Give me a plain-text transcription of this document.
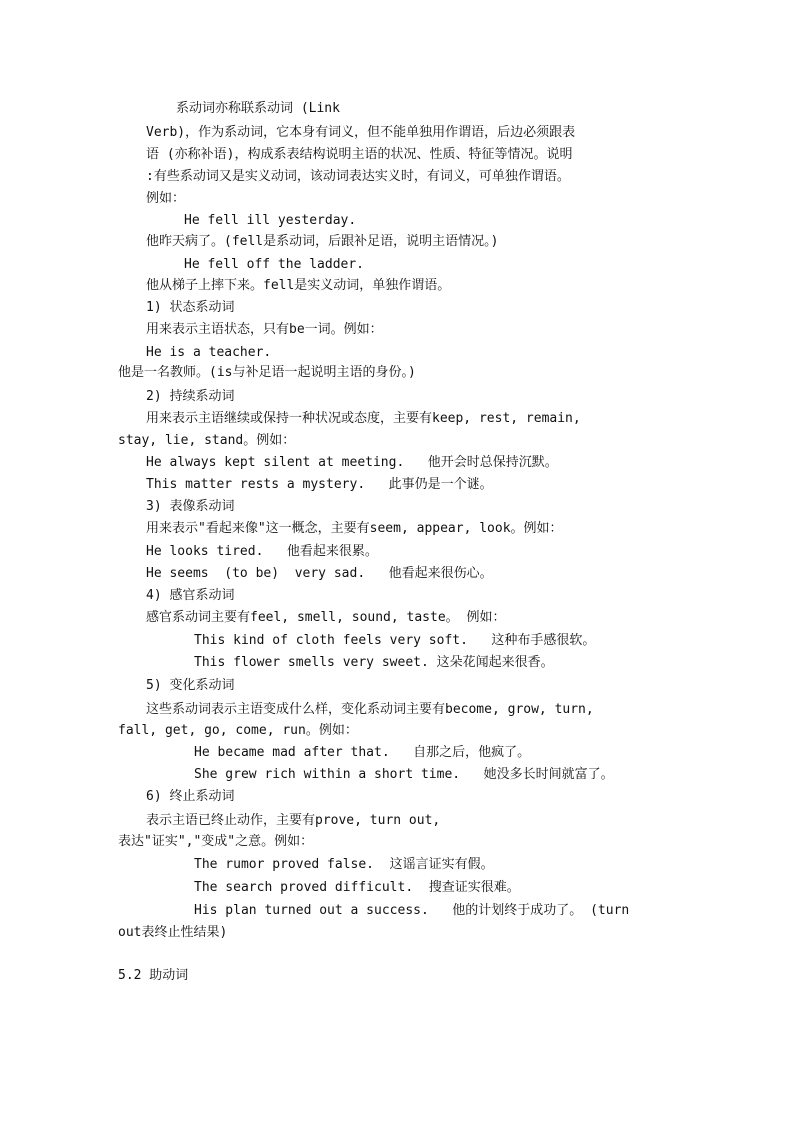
系动词亦称联系动词 (Link
Verb)，作为系动词，它本身有词义，但不能单独用作谓语，后边必须跟表
语 (亦称补语)，构成系表结构说明主语的状况、性质、特征等情况。说明
:有些系动词又是实义动词，该动词表达实义时，有词义，可单独作谓语。
例如：
He fell ill yesterday.
他昨天病了。(fell是系动词，后跟补足语，说明主语情况。)
He fell off the ladder.
他从梯子上摔下来。fell是实义动词，单独作谓语。
1) 状态系动词
用来表示主语状态，只有be一词。例如：
He is a teacher.
他是一名教师。(is与补足语一起说明主语的身份。)
2) 持续系动词
用来表示主语继续或保持一种状况或态度，主要有keep, rest, remain,
stay, lie, stand。例如：
He always kept silent at meeting.   他开会时总保持沉默。
This matter rests a mystery.   此事仍是一个谜。
3) 表像系动词
用来表示"看起来像"这一概念，主要有seem, appear, look。例如：
He looks tired.   他看起来很累。
He seems  (to be)  very sad.   他看起来很伤心。
4) 感官系动词
感官系动词主要有feel, smell, sound, taste。 例如：
This kind of cloth feels very soft.   这种布手感很软。
This flower smells very sweet. 这朵花闻起来很香。
5) 变化系动词
这些系动词表示主语变成什么样，变化系动词主要有become, grow, turn,
fall, get, go, come, run。例如：
He became mad after that.   自那之后，他疯了。
She grew rich within a short time.   她没多长时间就富了。
6) 终止系动词
表示主语已终止动作，主要有prove, turn out,
表达"证实","变成"之意。例如：
The rumor proved false.  这谣言证实有假。
The search proved difficult.  搜查证实很难。
His plan turned out a success.   他的计划终于成功了。 (turn
out表终止性结果)
5.2 助动词
